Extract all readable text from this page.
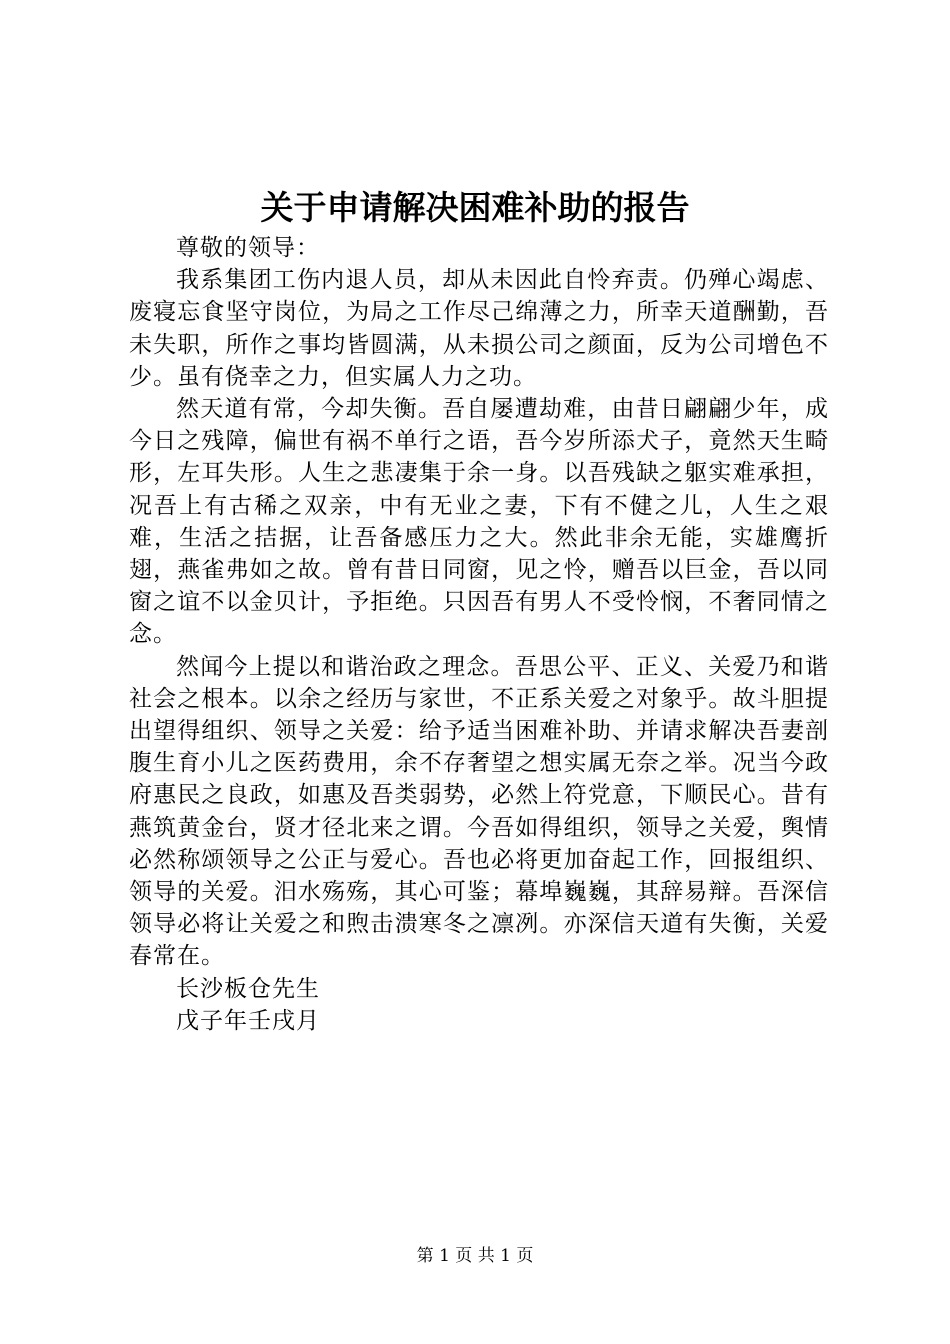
关于申请解决困难补助的报告

尊敬的领导：

我系集团工伤内退人员，却从未因此自怜弃责。仍殚心竭虑、废寝忘食坚守岗位，为局之工作尽己绵薄之力，所幸天道酬勤，吾未失职，所作之事均皆圆满，从未损公司之颜面，反为公司增色不少。虽有侥幸之力，但实属人力之功。

然天道有常，今却失衡。吾自屡遭劫难，由昔日翩翩少年，成今日之残障，偏世有祸不单行之语，吾今岁所添犬子，竟然天生畸形，左耳失形。人生之悲凄集于余一身。以吾残缺之躯实难承担，况吾上有古稀之双亲，中有无业之妻，下有不健之儿，人生之艰难，生活之拮据，让吾备感压力之大。然此非余无能，实雄鹰折翅，燕雀弗如之故。曾有昔日同窗，见之怜，赠吾以巨金，吾以同窗之谊不以金贝计，予拒绝。只因吾有男人不受怜悯，不奢同情之念。

然闻今上提以和谐治政之理念。吾思公平、正义、关爱乃和谐社会之根本。以余之经历与家世，不正系关爱之对象乎。故斗胆提出望得组织、领导之关爱：给予适当困难补助、并请求解决吾妻剖腹生育小儿之医药费用，余不存奢望之想实属无奈之举。况当今政府惠民之良政，如惠及吾类弱势，必然上符党意，下顺民心。昔有燕筑黄金台，贤才径北来之谓。今吾如得组织，领导之关爱，舆情必然称颂领导之公正与爱心。吾也必将更加奋起工作，回报组织、领导的关爱。汨水殇殇，其心可鉴；幕埠巍巍，其辞易辩。吾深信领导必将让关爱之和煦击溃寒冬之凛冽。亦深信天道有失衡，关爱春常在。

长沙板仓先生

戊子年壬戌月

第 1 页 共 1 页
